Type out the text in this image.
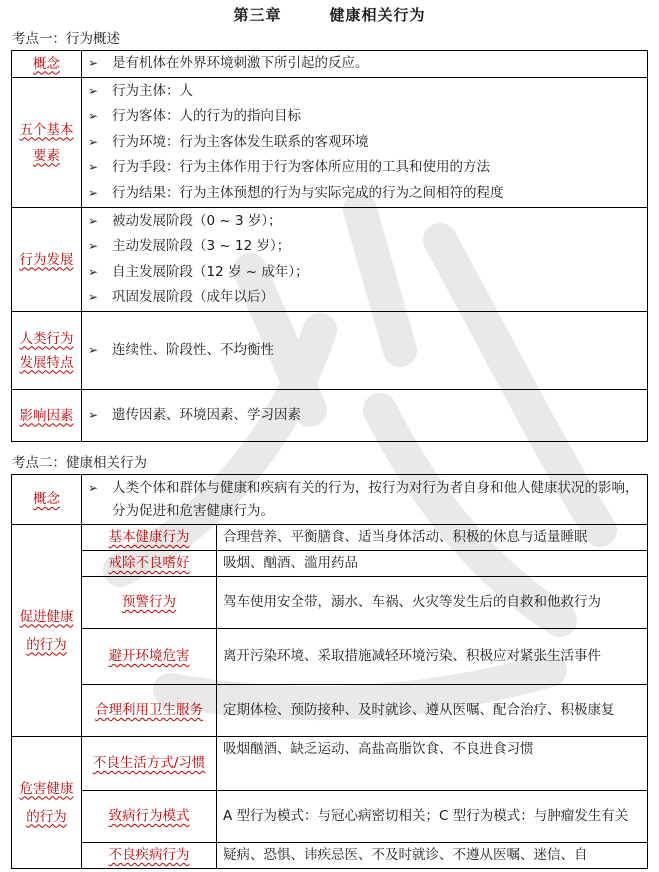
第三章	健康相关行为
考点一：行为概述
概念	➢ 是有机体在外界环境刺激下所引起的反应。

五个基本要素	➢ 行为主体：人
➢ 行为客体：人的行为的指向目标
➢ 行为环境：行为主客体发生联系的客观环境
➢ 行为手段：行为主体作用于行为客体所应用的工具和使用的方法
➢ 行为结果：行为主体预想的行为与实际完成的行为之间相符的程度

行为发展	➢ 被动发展阶段（0 ~ 3 岁）；
➢ 主动发展阶段（3 ~ 12 岁）；
➢ 自主发展阶段（12 岁 ~ 成年）；
➢ 巩固发展阶段（成年以后）

人类行为发展特点	➢ 连续性、阶段性、不均衡性

影响因素	➢ 遗传因素、环境因素、学习因素
考点二：健康相关行为
概念	➢ 人类个体和群体与健康和疾病有关的行为，按行为对行为者自身和他人健康状况的影响，分为促进和危害健康行为。

促进健康的行为	基本健康行为	合理营养、平衡膳食、适当身体活动、积极的休息与适量睡眠
	戒除不良嗜好	吸烟、酗酒、滥用药品
	预警行为	驾车使用安全带，溺水、车祸、火灾等发生后的自救和他救行为
	避开环境危害	离开污染环境、采取措施减轻环境污染、积极应对紧张生活事件
	合理利用卫生服务	定期体检、预防接种、及时就诊、遵从医嘱、配合治疗、积极康复
危害健康的行为	不良生活方式/习惯	吸烟酗酒、缺乏运动、高盐高脂饮食、不良进食习惯
	致病行为模式	A 型行为模式：与冠心病密切相关；C 型行为模式：与肿瘤发生有关
	不良疾病行为	疑病、恐惧、讳疾忌医、不及时就诊、不遵从医嘱、迷信、自
